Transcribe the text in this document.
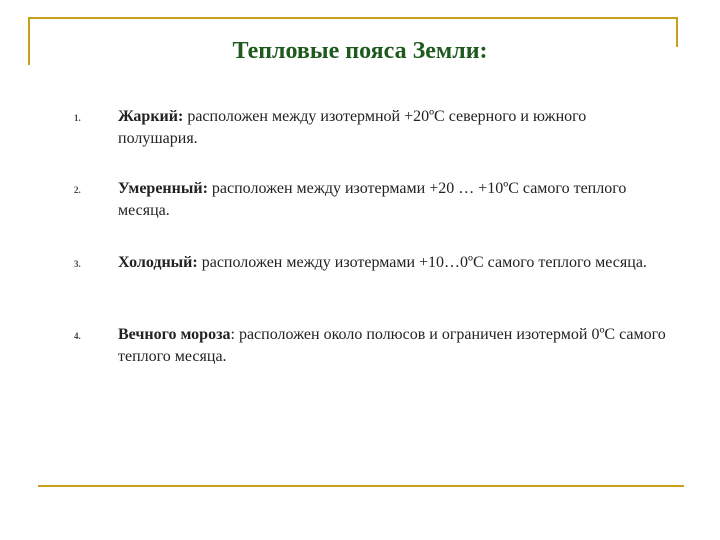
Тепловые пояса Земли:
1. Жаркий: расположен между изотермной +20ºС северного и южного полушария.
2. Умеренный: расположен между изотермами +20 … +10ºС самого теплого месяца.
3. Холодный: расположен между изотермами +10…0ºС самого теплого месяца.
4. Вечного мороза: расположен около полюсов и ограничен изотермой 0ºС самого теплого месяца.
